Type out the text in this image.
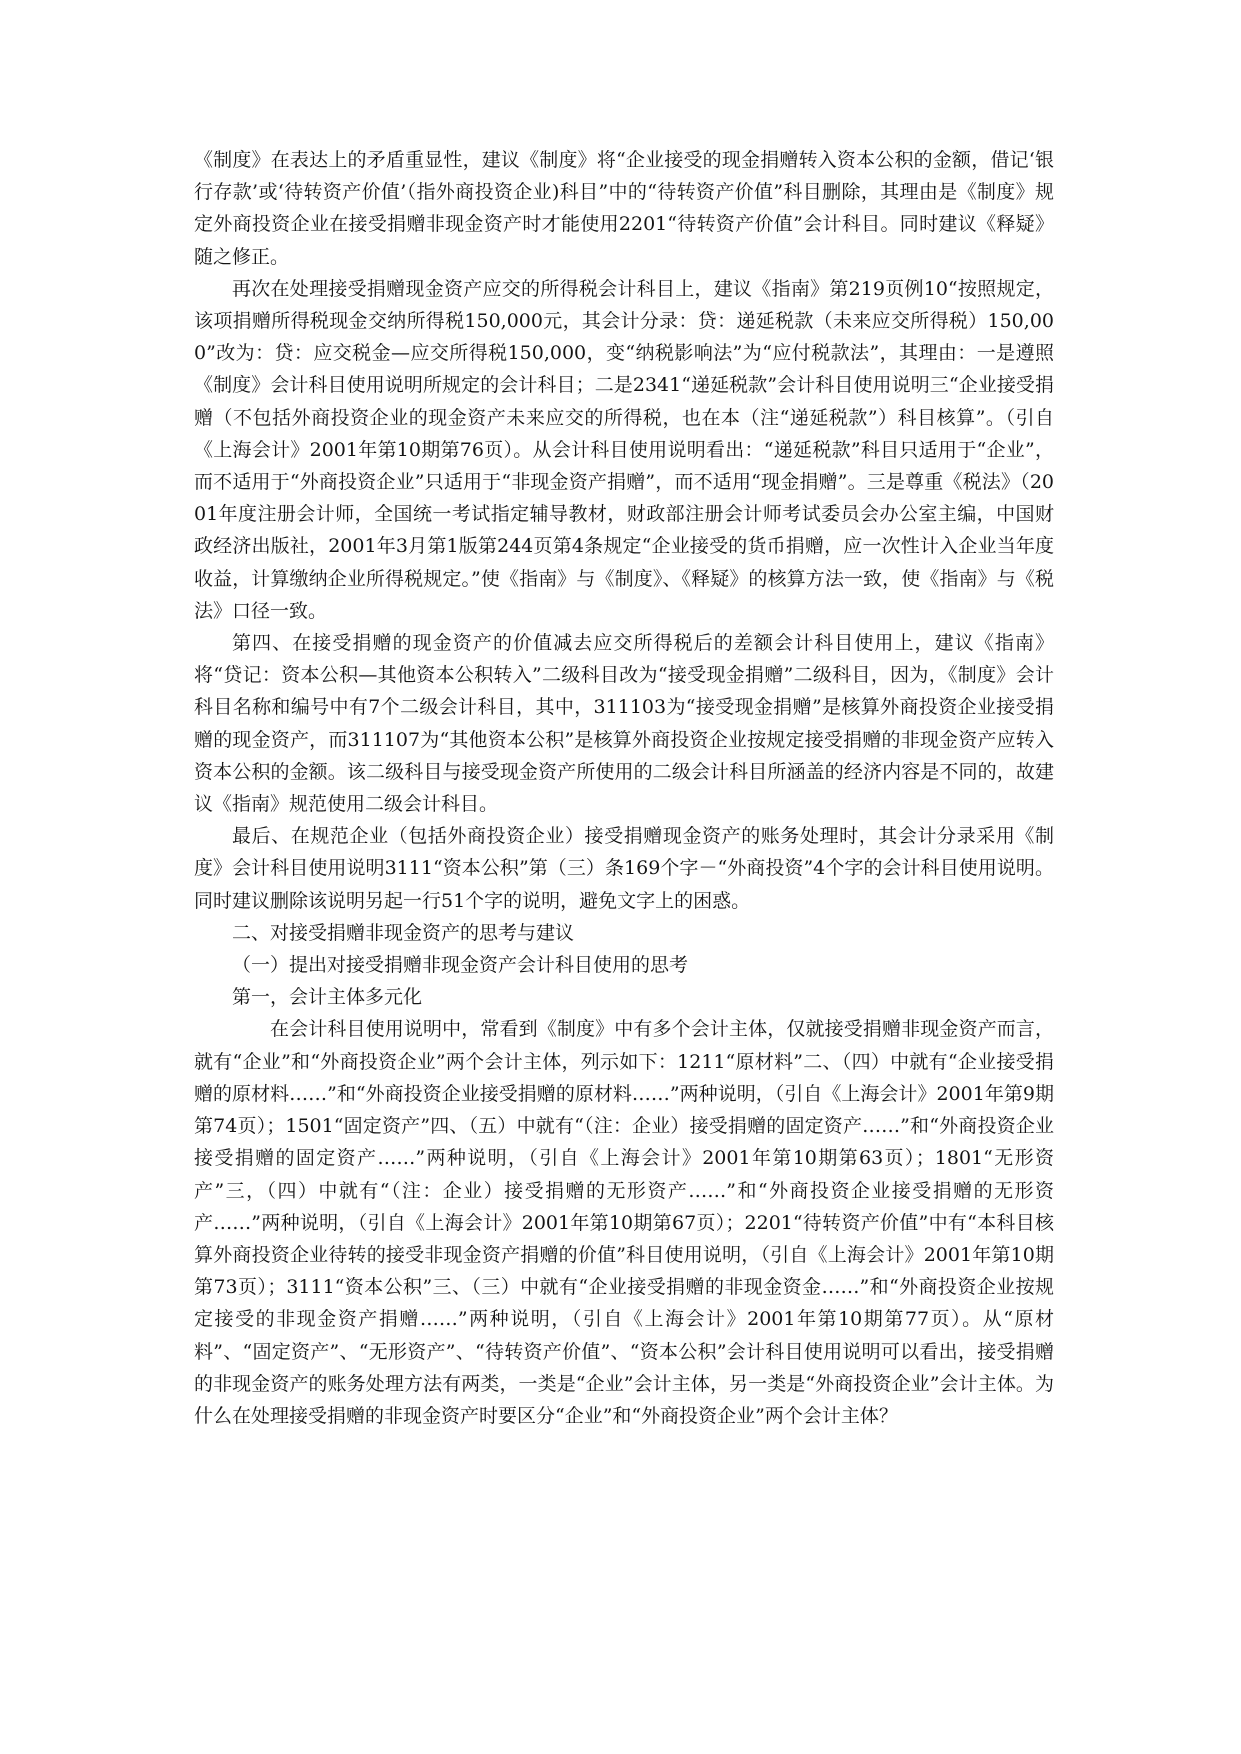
《制度》在表达上的矛盾重显性，建议《制度》将“企业接受的现金捐赠转入资本公积的金额，借记‘银行存款’或‘待转资产价值’（指外商投资企业)科目”中的“待转资产价值”科目删除，其理由是《制度》规定外商投资企业在接受捐赠非现金资产时才能使用2201“待转资产价值”会计科目。同时建议《释疑》随之修正。

再次在处理接受捐赠现金资产应交的所得税会计科目上，建议《指南》第219页例10“按照规定，该项捐赠所得税现金交纳所得税150,000元，其会计分录：贷：递延税款（未来应交所得税）150,000”改为：贷：应交税金—应交所得税150,000，变“纳税影响法”为“应付税款法”，其理由：一是遵照《制度》会计科目使用说明所规定的会计科目；二是2341“递延税款”会计科目使用说明三“企业接受捐赠（不包括外商投资企业的现金资产未来应交的所得税，也在本（注“递延税款”）科目核算”。（引自《上海会计》2001年第10期第76页）。从会计科目使用说明看出：“递延税款”科目只适用于“企业”，而不适用于“外商投资企业”只适用于“非现金资产捐赠”，而不适用“现金捐赠”。三是尊重《税法》（2001年度注册会计师，全国统一考试指定辅导教材，财政部注册会计师考试委员会办公室主编，中国财政经济出版社，2001年3月第1版第244页第4条规定“企业接受的货币捐赠，应一次性计入企业当年度收益，计算缴纳企业所得税规定。”使《指南》与《制度》、《释疑》的核算方法一致，使《指南》与《税法》口径一致。

第四、在接受捐赠的现金资产的价值减去应交所得税后的差额会计科目使用上，建议《指南》将“贷记：资本公积—其他资本公积转入”二级科目改为“接受现金捐赠”二级科目，因为，《制度》会计科目名称和编号中有7个二级会计科目，其中，311103为“接受现金捐赠”是核算外商投资企业接受捐赠的现金资产，而311107为“其他资本公积”是核算外商投资企业按规定接受捐赠的非现金资产应转入资本公积的金额。该二级科目与接受现金资产所使用的二级会计科目所涵盖的经济内容是不同的，故建议《指南》规范使用二级会计科目。

最后、在规范企业（包括外商投资企业）接受捐赠现金资产的账务处理时，其会计分录采用《制度》会计科目使用说明3111“资本公积”第（三）条169个字－“外商投资”4个字的会计科目使用说明。同时建议删除该说明另起一行51个字的说明，避免文字上的困惑。

二、对接受捐赠非现金资产的思考与建议

（一）提出对接受捐赠非现金资产会计科目使用的思考

第一，会计主体多元化

在会计科目使用说明中，常看到《制度》中有多个会计主体，仅就接受捐赠非现金资产而言，就有“企业”和“外商投资企业”两个会计主体，列示如下：1211“原材料”二、（四）中就有“企业接受捐赠的原材料……”和“外商投资企业接受捐赠的原材料……”两种说明，（引自《上海会计》2001年第9期第74页）；1501“固定资产”四、（五）中就有“（注：企业）接受捐赠的固定资产……”和“外商投资企业接受捐赠的固定资产……”两种说明，（引自《上海会计》2001年第10期第63页）；1801“无形资产”三，（四）中就有“（注：企业）接受捐赠的无形资产……”和“外商投资企业接受捐赠的无形资产……”两种说明，（引自《上海会计》2001年第10期第67页）；2201“待转资产价值”中有“本科目核算外商投资企业待转的接受非现金资产捐赠的价值”科目使用说明，（引自《上海会计》2001年第10期第73页）；3111“资本公积”三、（三）中就有“企业接受捐赠的非现金资金……”和“外商投资企业按规定接受的非现金资产捐赠……”两种说明，（引自《上海会计》2001年第10期第77页）。从“原材料”、“固定资产”、“无形资产”、“待转资产价值”、“资本公积”会计科目使用说明可以看出，接受捐赠的非现金资产的账务处理方法有两类，一类是“企业”会计主体，另一类是“外商投资企业”会计主体。为什么在处理接受捐赠的非现金资产时要区分“企业”和“外商投资企业”两个会计主体？
